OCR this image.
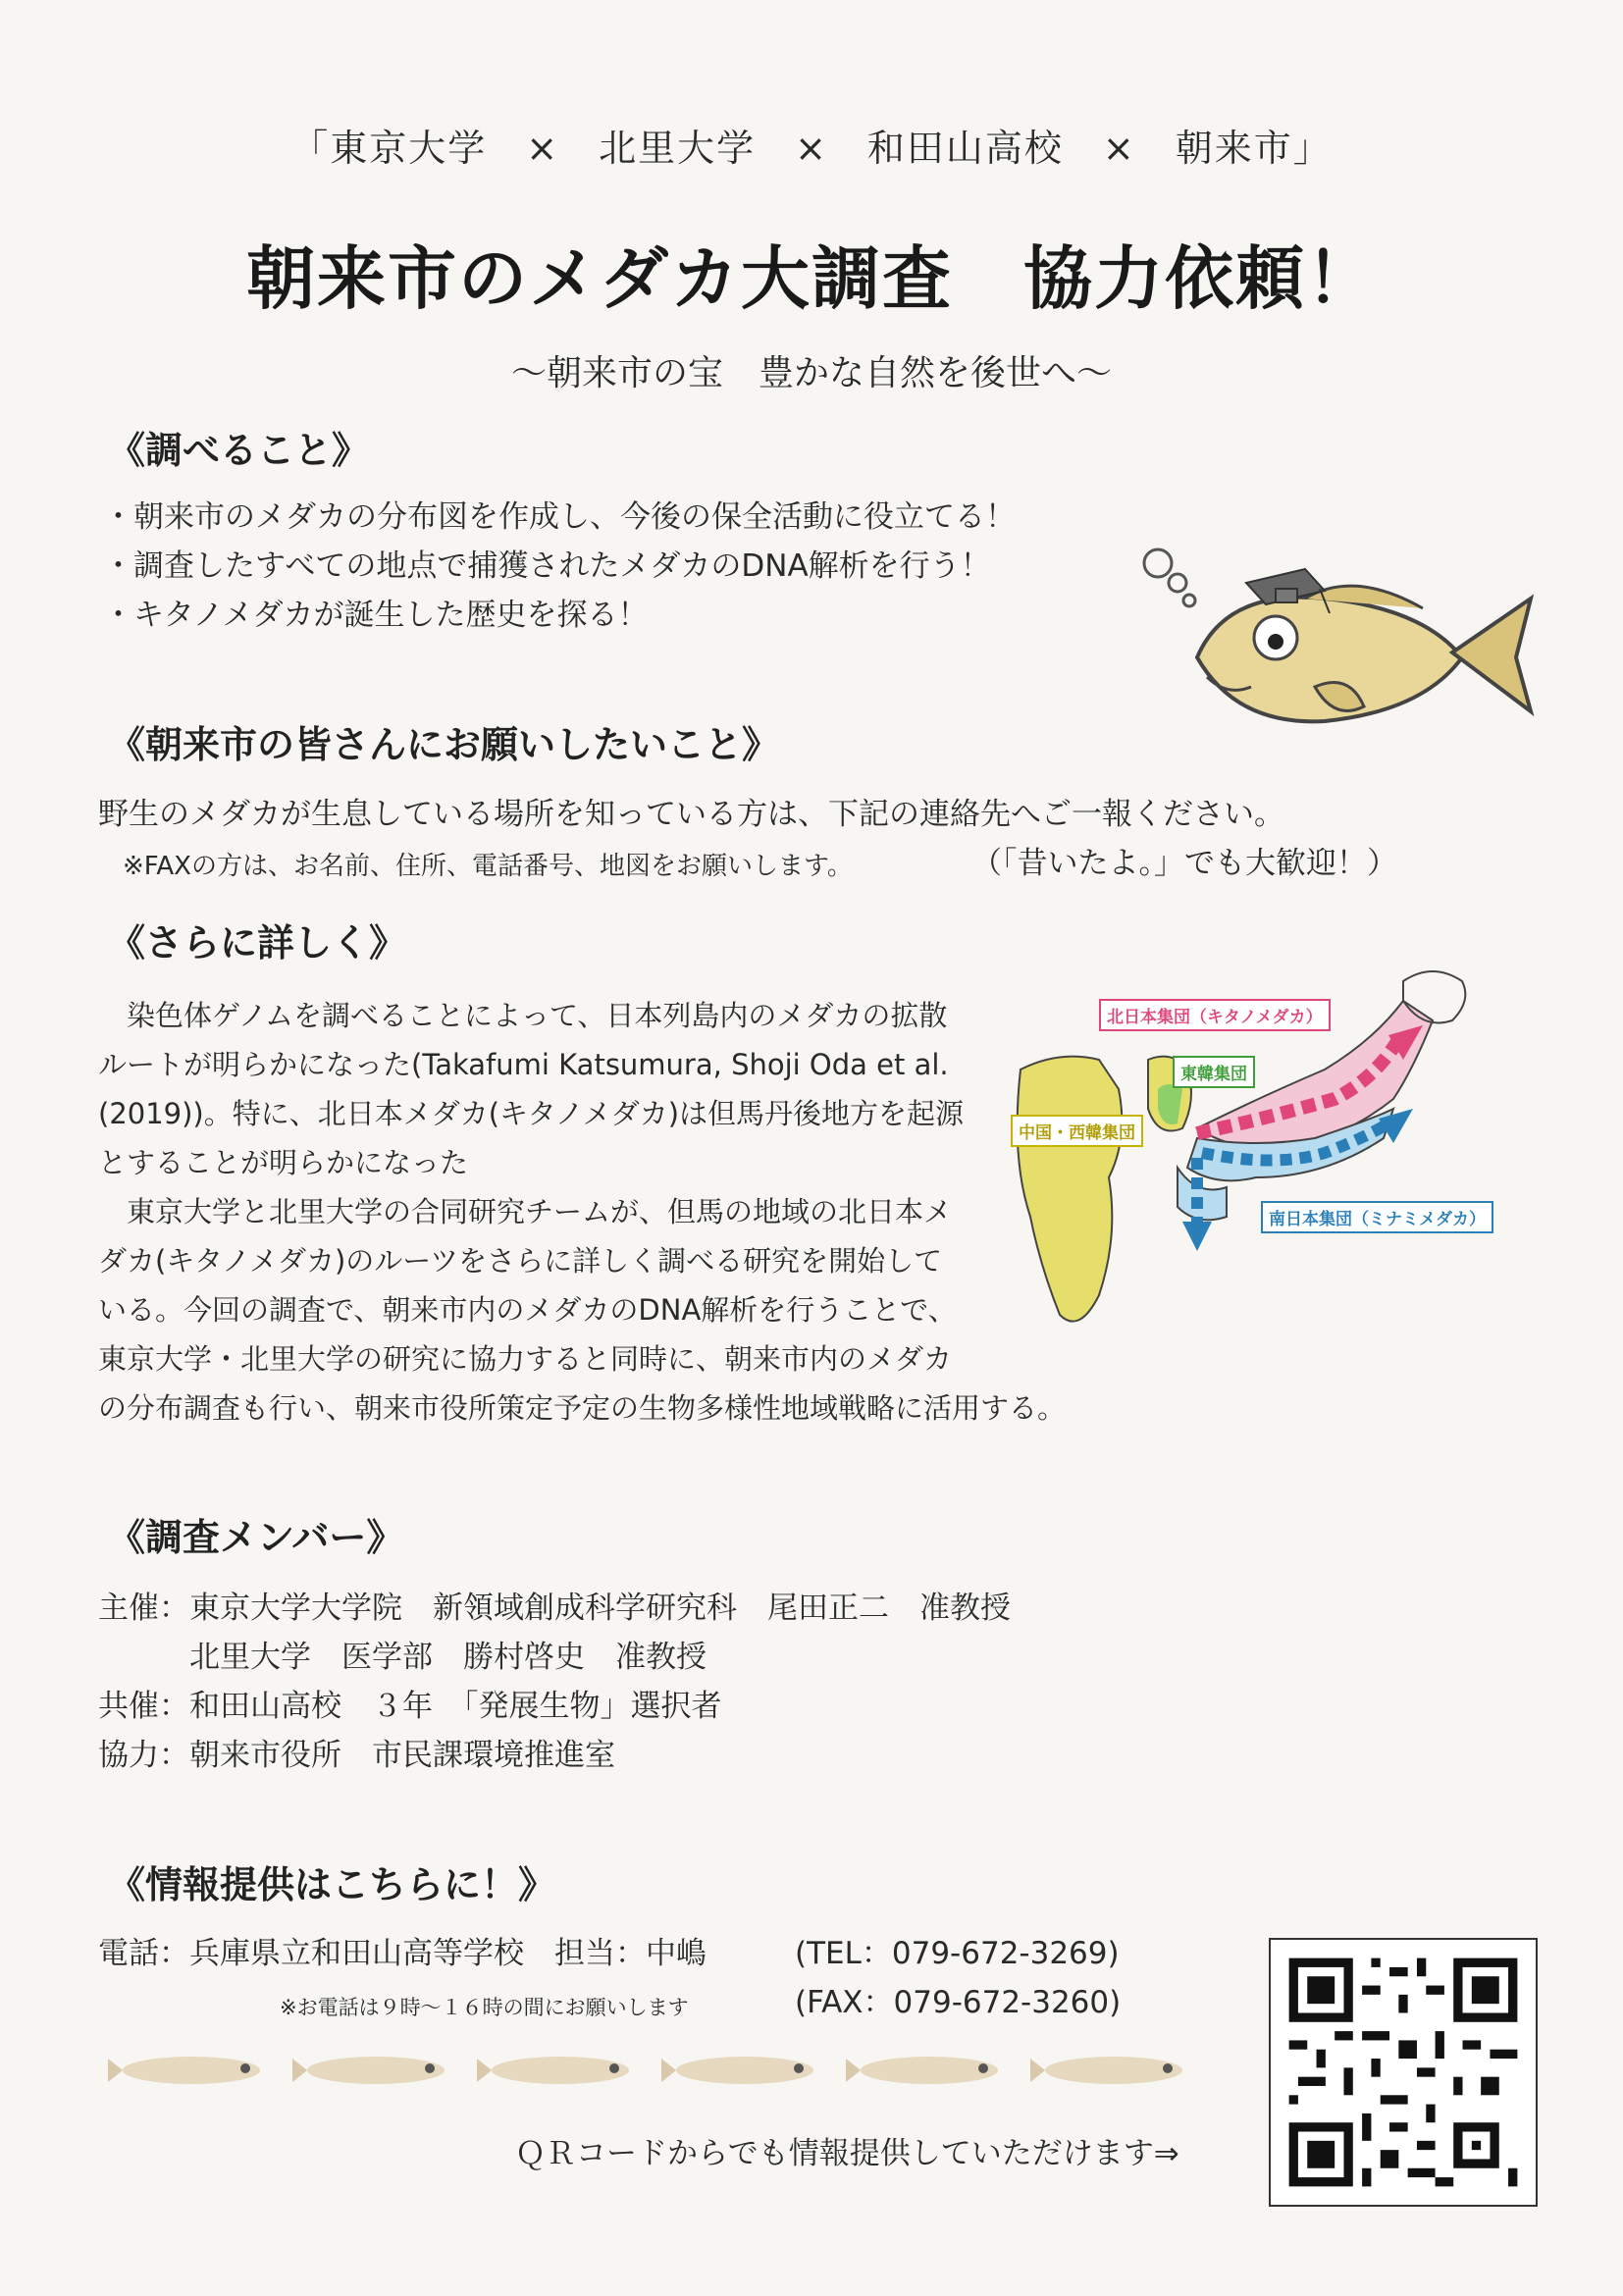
「東京大学　×　北里大学　×　和田山高校　×　朝来市」
朝来市のメダカ大調査　協力依頼！
〜朝来市の宝　豊かな自然を後世へ〜
《調べること》
・朝来市のメダカの分布図を作成し、今後の保全活動に役立てる！
・調査したすべての地点で捕獲されたメダカのDNA解析を行う！
・キタノメダカが誕生した歴史を探る！
《朝来市の皆さんにお願いしたいこと》
野生のメダカが生息している場所を知っている方は、下記の連絡先へご一報ください。
※FAXの方は、お名前、住所、電話番号、地図をお願いします。	（「昔いたよ。」でも大歓迎！）
《さらに詳しく》
　染色体ゲノムを調べることによって、日本列島内のメダカの拡散
ルートが明らかになった(Takafumi Katsumura, Shoji Oda et al.
(2019))。特に、北日本メダカ(キタノメダカ)は但馬丹後地方を起源
とすることが明らかになった
　東京大学と北里大学の合同研究チームが、但馬の地域の北日本メ
ダカ(キタノメダカ)のルーツをさらに詳しく調べる研究を開始して
いる。今回の調査で、朝来市内のメダカのDNA解析を行うことで、
東京大学・北里大学の研究に協力すると同時に、朝来市内のメダカ
の分布調査も行い、朝来市役所策定予定の生物多様性地域戦略に活用する。
北日本集団（キタノメダカ）
東韓集団
中国・西韓集団
南日本集団（ミナミメダカ）
《調査メンバー》
主催：東京大学大学院　新領域創成科学研究科　尾田正二　准教授
　　　北里大学　医学部　勝村啓史　准教授
共催：和田山高校　３年　「発展生物」選択者
協力：朝来市役所　市民課環境推進室
《情報提供はこちらに！》
電話：兵庫県立和田山高等学校　担当：中嶋	(TEL：079-672-3269)
※お電話は９時〜１６時の間にお願いします	(FAX：079-672-3260)
ＱＲコードからでも情報提供していただけます⇒
